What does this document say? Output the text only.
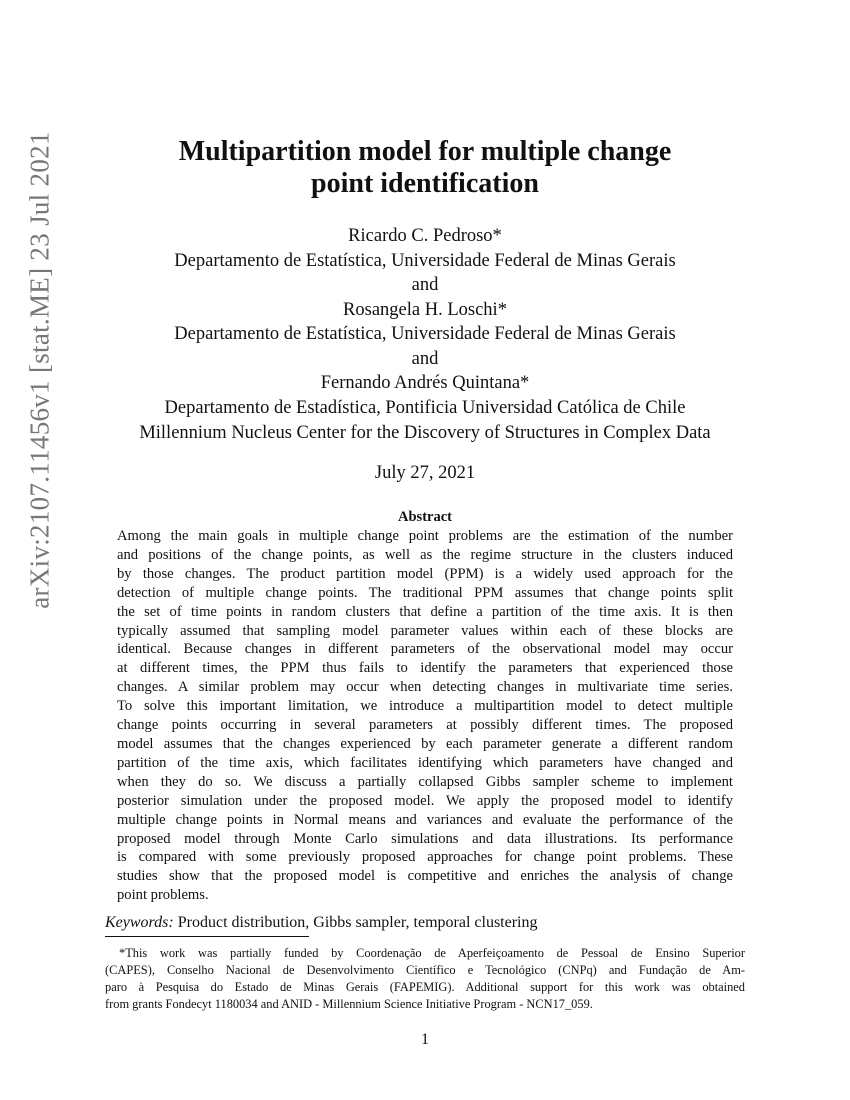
arXiv:2107.11456v1 [stat.ME] 23 Jul 2021	Multipartition model for multiple change
point identification
Ricardo C. Pedroso*
Departamento de Estatística, Universidade Federal de Minas Gerais
and
Rosangela H. Loschi*
Departamento de Estatística, Universidade Federal de Minas Gerais
and
Fernando Andrés Quintana*
Departamento de Estadística, Pontificia Universidad Católica de Chile
Millennium Nucleus Center for the Discovery of Structures in Complex Data
July 27, 2021
Abstract
Among the main goals in multiple change point problems are the estimation of the number
and positions of the change points, as well as the regime structure in the clusters induced
by those changes. The product partition model (PPM) is a widely used approach for the
detection of multiple change points. The traditional PPM assumes that change points split
the set of time points in random clusters that define a partition of the time axis. It is then
typically assumed that sampling model parameter values within each of these blocks are
identical. Because changes in different parameters of the observational model may occur
at different times, the PPM thus fails to identify the parameters that experienced those
changes. A similar problem may occur when detecting changes in multivariate time series.
To solve this important limitation, we introduce a multipartition model to detect multiple
change points occurring in several parameters at possibly different times. The proposed
model assumes that the changes experienced by each parameter generate a different random
partition of the time axis, which facilitates identifying which parameters have changed and
when they do so. We discuss a partially collapsed Gibbs sampler scheme to implement
posterior simulation under the proposed model. We apply the proposed model to identify
multiple change points in Normal means and variances and evaluate the performance of the
proposed model through Monte Carlo simulations and data illustrations. Its performance
is compared with some previously proposed approaches for change point problems. These
studies show that the proposed model is competitive and enriches the analysis of change
point problems.
Keywords: Product distribution, Gibbs sampler, temporal clustering
*This work was partially funded by Coordenação de Aperfeiçoamento de Pessoal de Ensino Superior
(CAPES), Conselho Nacional de Desenvolvimento Científico e Tecnológico (CNPq) and Fundação de Am-
paro à Pesquisa do Estado de Minas Gerais (FAPEMIG). Additional support for this work was obtained
from grants Fondecyt 1180034 and ANID - Millennium Science Initiative Program - NCN17_059.
1
